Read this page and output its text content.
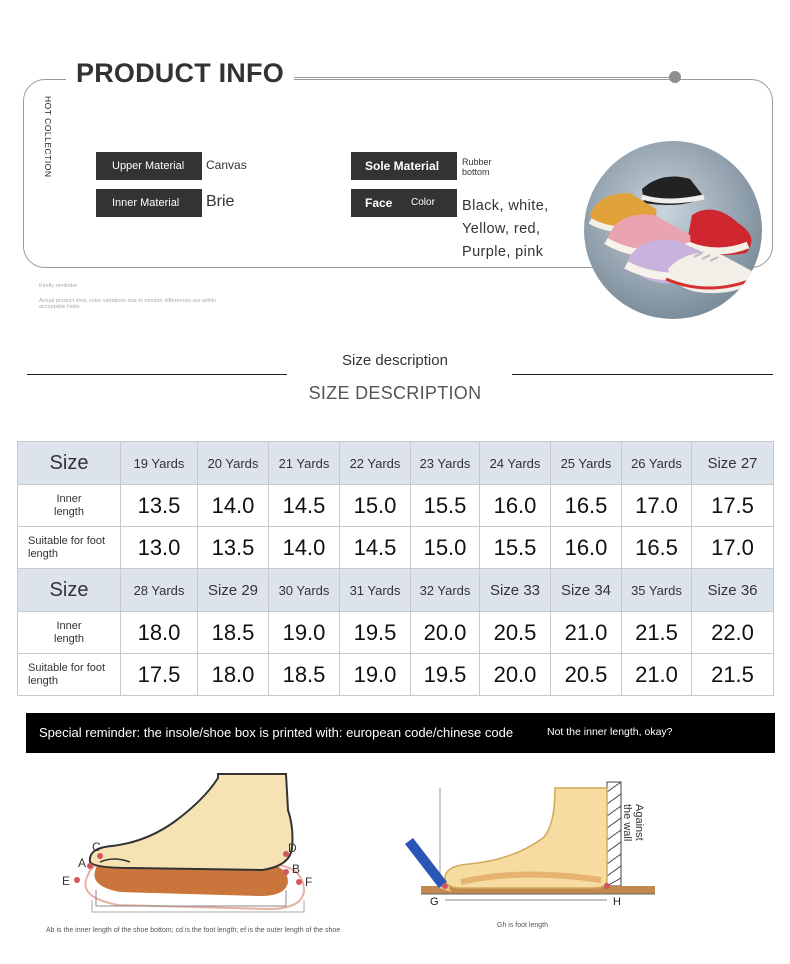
PRODUCT INFO
HOT COLLECTION	Upper Material	Canvas
Inner Material	Brie
Sole Material	Rubber
bottom
Face	Color	Black, white,
Yellow, red,
Purple, pink
Kindly reminder
Actual product shot, color variations due to monitor differences are within
acceptable limits
Size description
SIZE DESCRIPTION
Size	19 Yards	20 Yards	21 Yards	22 Yards	23 Yards	24 Yards	25 Yards	26 Yards	Size 27

Inner
length	13.5	14.0	14.5	15.0	15.5	16.0	16.5	17.0	17.5

Suitable for foot
length	13.0	13.5	14.0	14.5	15.0	15.5	16.0	16.5	17.0
Size	28 Yards	Size 29	30 Yards	31 Yards	32 Yards	Size 33	Size 34	35 Yards	Size 36

Inner
length	18.0	18.5	19.0	19.5	20.0	20.5	21.0	21.5	22.0

Suitable for foot
length	17.5	18.0	18.5	19.0	19.5	20.0	20.5	21.0	21.5
Special reminder: the insole/shoe box is printed with: european code/chinese code	Not the inner length, okay?
C
A
E
D
B
F
Ab is the inner length of the shoe bottom; cd is the foot length; ef is the outer length of the shoe
G	H
Against
the wall
Gh is foot length
